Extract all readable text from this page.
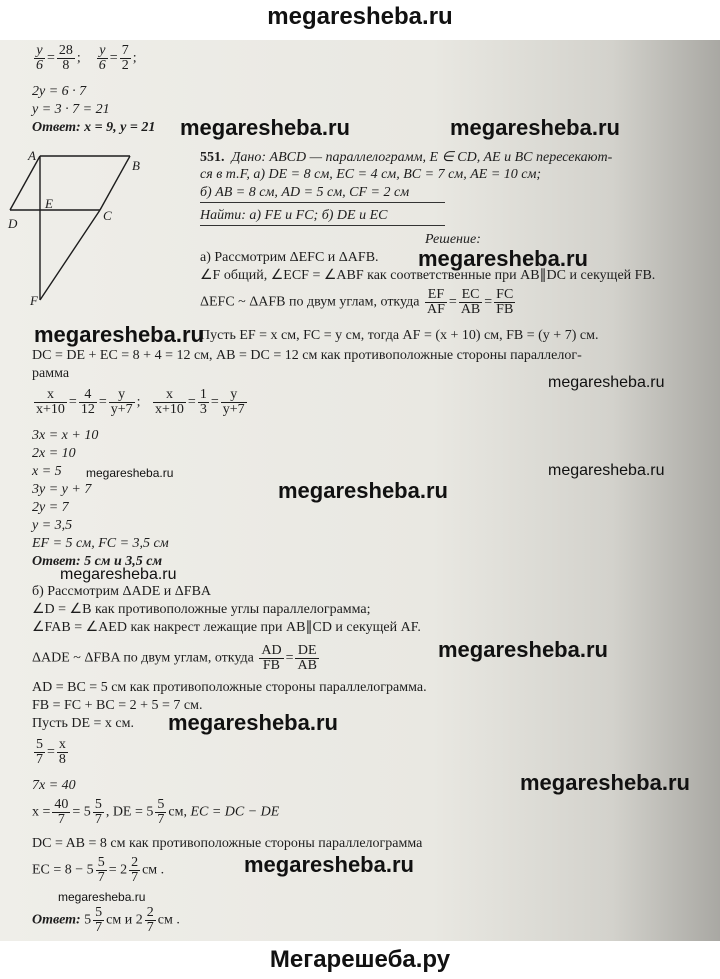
megaresheba.ru
$\frac{y}{6} = \frac{28}{8}$ ; $\frac{y}{6} = \frac{7}{2}$ ;
2y = 6 · 7
y = 3 · 7 = 21
Ответ: x = 9, y = 21
A
B
C
D
E
F
551. Дано: ABCD — параллелограмм, E ∈ CD, AE и BC пересекают-
ся в т.F, а) DE = 8 см, EC = 4 см, BC = 7 см, AE = 10 см;
б) AB = 8 см, AD = 5 см, CF = 2 см
Найти: а) FE и FC; б) DE и EC
Решение:
а) Рассмотрим ΔEFC и ΔAFB.
∠F общий, ∠ECF = ∠ABF как соответственные при AB∥DC и секущей FB.
ΔEFC ~ ΔAFB по двум углам, откуда $\frac{EF}{AF} = \frac{EC}{AB} = \frac{FC}{FB}$
Пусть EF = x см, FC = y см, тогда AF = (x + 10) см, FB = (y + 7) см.
DC = DE + EC = 8 + 4 = 12 см, AB = DC = 12 см как противоположные стороны параллелог-
рамма
$\frac{x}{x+10} = \frac{4}{12} = \frac{y}{y+7}$ ; $\frac{x}{x+10} = \frac{1}{3} = \frac{y}{y+7}$
3x = x + 10
2x = 10
x = 5
3y = y + 7
2y = 7
y = 3,5
EF = 5 см, FC = 3,5 см
Ответ: 5 см и 3,5 см
б) Рассмотрим ΔADE и ΔFBA
∠D = ∠B как противоположные углы параллелограмма;
∠FAB = ∠AED как накрест лежащие при AB∥CD и секущей AF.
ΔADE ~ ΔFBA по двум углам, откуда $\frac{AD}{FB} = \frac{DE}{AB}$
AD = BC = 5 см как противоположные стороны параллелограмма.
FB = FC + BC = 2 + 5 = 7 см.
Пусть DE = x см.
$\frac{5}{7} = \frac{x}{8}$
7x = 40
$x = \frac{40}{7} = 5 \frac{5}{7}$ , DE = $5 \frac{5}{7}$ см, EC = DC − DE
DC = AB = 8 см как противоположные стороны параллелограмма
EC = $8 - 5 \frac{5}{7} = 2 \frac{2}{7}$ см .
Ответ: $5 \frac{5}{7}$ см и $2 \frac{2}{7}$ см .
megaresheba.ru	megaresheba.ru
megaresheba.ru
megaresheba.ru
megaresheba.ru
megaresheba.ru	megaresheba.ru
megaresheba.ru
megaresheba.ru
megaresheba.ru
megaresheba.ru
megaresheba.ru
megaresheba.ru
megaresheba.ru
Мегарешеба.ру
